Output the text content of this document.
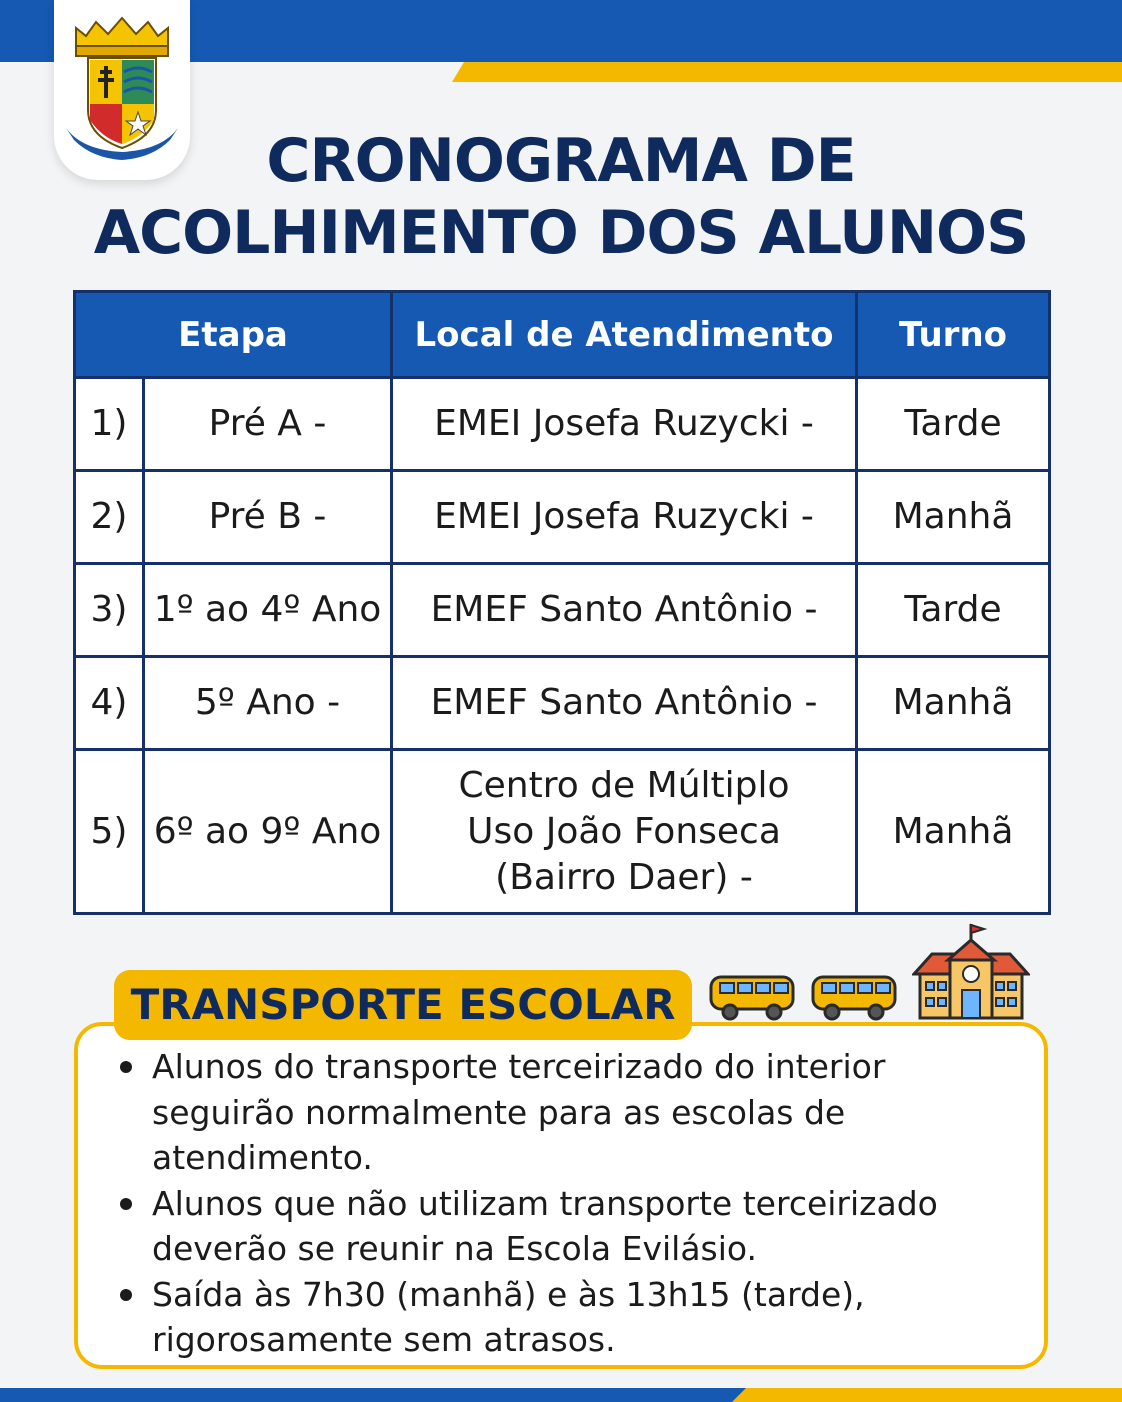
CRONOGRAMA DE
ACOLHIMENTO DOS ALUNOS
Etapa		Local de Atendimento	Turno
1)	Pré A -	EMEI Josefa Ruzycki -	Tarde
2)	Pré B -	EMEI Josefa Ruzycki -	Manhã
3)	1º ao 4º Ano	EMEF Santo Antônio -	Tarde
4)	5º Ano -	EMEF Santo Antônio -	Manhã
5)	6º ao 9º Ano	Centro de Múltiplo Uso João Fonseca (Bairro Daer) -	Manhã
TRANSPORTE ESCOLAR
Alunos do transporte terceirizado do interior seguirão normalmente para as escolas de atendimento.
Alunos que não utilizam transporte terceirizado deverão se reunir na Escola Evilásio.
Saída às 7h30 (manhã) e às 13h15 (tarde), rigorosamente sem atrasos.
